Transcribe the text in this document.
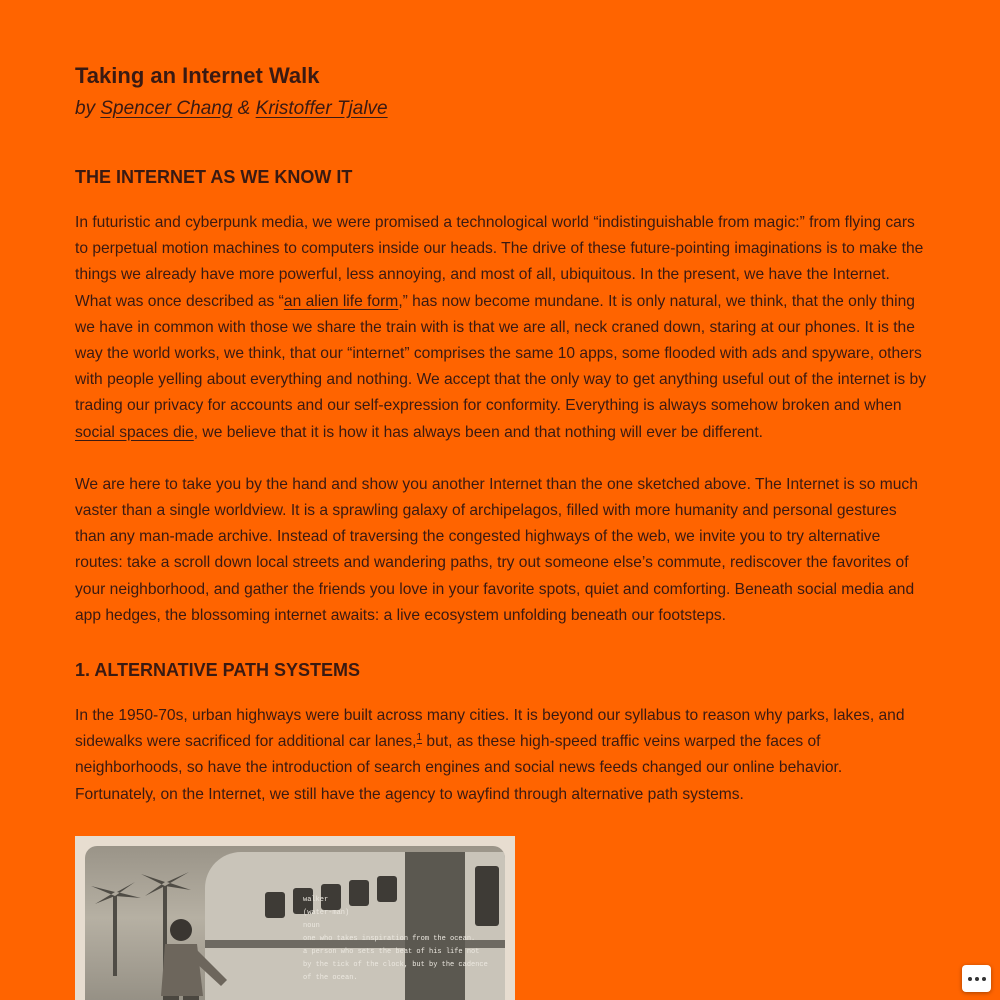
Taking an Internet Walk

by Spencer Chang & Kristoffer Tjalve

THE INTERNET AS WE KNOW IT

In futuristic and cyberpunk media, we were promised a technological world “indistinguishable from magic:” from flying cars to perpetual motion machines to computers inside our heads. The drive of these future-pointing imaginations is to make the things we already have more powerful, less annoying, and most of all, ubiquitous. In the present, we have the Internet. What was once described as “an alien life form,” has now become mundane. It is only natural, we think, that the only thing we have in common with those we share the train with is that we are all, neck craned down, staring at our phones. It is the way the world works, we think, that our “internet” comprises the same 10 apps, some flooded with ads and spyware, others with people yelling about everything and nothing. We accept that the only way to get anything useful out of the internet is by trading our privacy for accounts and our self-expression for conformity. Everything is always somehow broken and when social spaces die, we believe that it is how it has always been and that nothing will ever be different.

We are here to take you by the hand and show you another Internet than the one sketched above. The Internet is so much vaster than a single worldview. It is a sprawling galaxy of archipelagos, filled with more humanity and personal gestures than any man-made archive. Instead of traversing the congested highways of the web, we invite you to try alternative routes: take a scroll down local streets and wandering paths, try out someone else’s commute, rediscover the favorites of your neighborhood, and gather the friends you love in your favorite spots, quiet and comforting. Beneath social media and app hedges, the blossoming internet awaits: a live ecosystem unfolding beneath our footsteps.

1. ALTERNATIVE PATH SYSTEMS

In the 1950-70s, urban highways were built across many cities. It is beyond our syllabus to reason why parks, lakes, and sidewalks were sacrificed for additional car lanes,$^1$ but, as these high-speed traffic veins warped the faces of neighborhoods, so have the introduction of search engines and social news feeds changed our online behavior. Fortunately, on the Internet, we still have the agency to wayfind through alternative path systems.

walker
(water-man)
noun
one who takes inspiration from the ocean.
a person who sets the beat of his life not
by the tick of the clock, but by the cadence
of the ocean.
